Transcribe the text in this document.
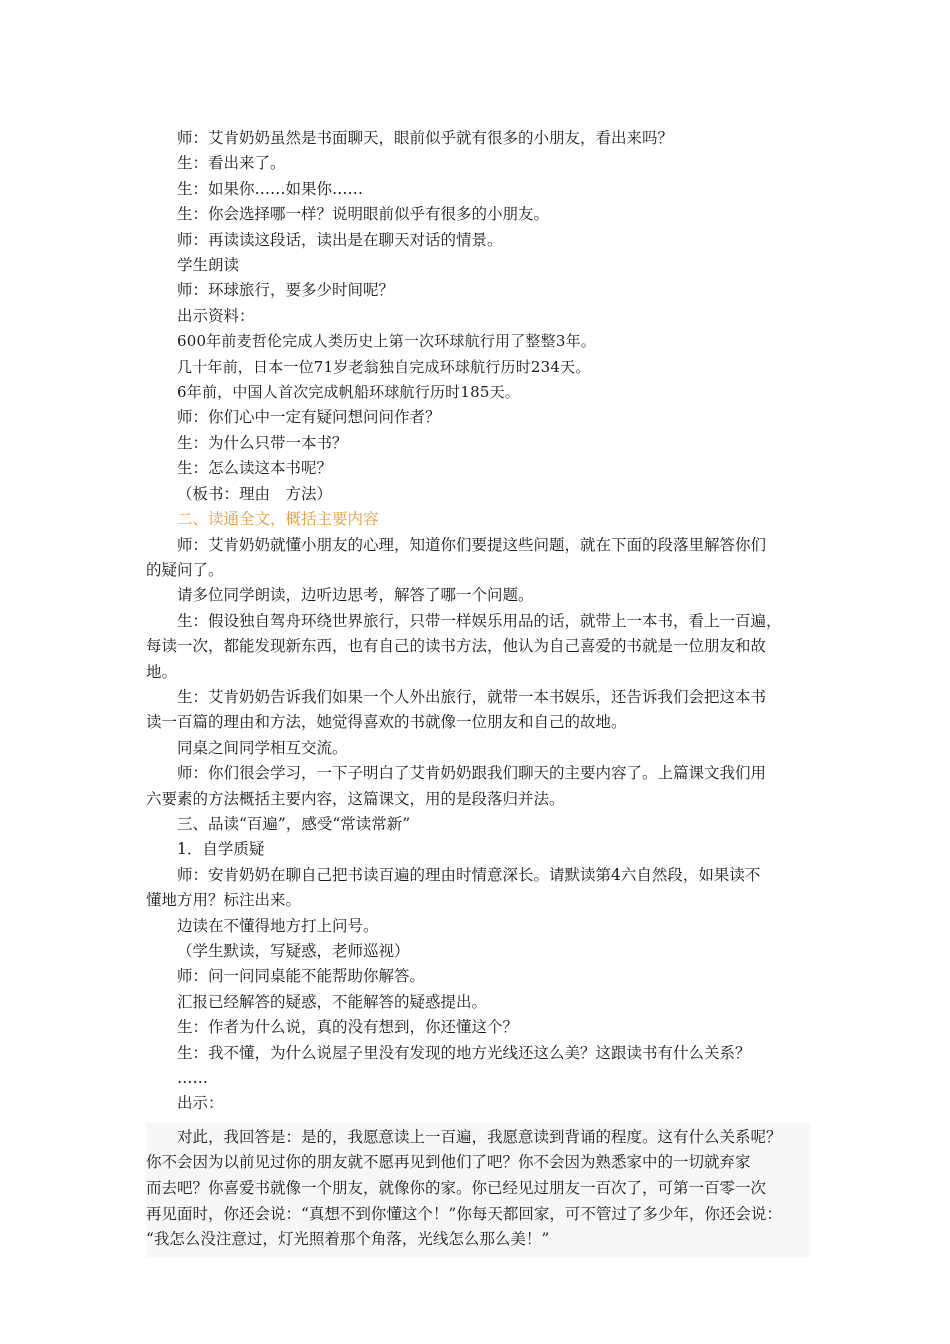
师：艾肯奶奶虽然是书面聊天，眼前似乎就有很多的小朋友，看出来吗？

生：看出来了。

生：如果你……如果你……

生：你会选择哪一样？说明眼前似乎有很多的小朋友。

师：再读读这段话，读出是在聊天对话的情景。

学生朗读

师：环球旅行，要多少时间呢？

出示资料：

600年前麦哲伦完成人类历史上第一次环球航行用了整整3年。

几十年前，日本一位71岁老翁独自完成环球航行历时234天。

6年前，中国人首次完成帆船环球航行历时185天。

师：你们心中一定有疑问想问问作者？

生：为什么只带一本书？

生：怎么读这本书呢？

（板书：理由　方法）

二、读通全文，概括主要内容

师：艾肯奶奶就懂小朋友的心理，知道你们要提这些问题，就在下面的段落里解答你们

的疑问了。

请多位同学朗读，边听边思考，解答了哪一个问题。

生：假设独自驾舟环绕世界旅行，只带一样娱乐用品的话，就带上一本书，看上一百遍，

每读一次，都能发现新东西，也有自己的读书方法，他认为自己喜爱的书就是一位朋友和故

地。

生：艾肯奶奶告诉我们如果一个人外出旅行，就带一本书娱乐，还告诉我们会把这本书

读一百篇的理由和方法，她觉得喜欢的书就像一位朋友和自己的故地。

同桌之间同学相互交流。

师：你们很会学习，一下子明白了艾肯奶奶跟我们聊天的主要内容了。上篇课文我们用

六要素的方法概括主要内容，这篇课文，用的是段落归并法。

三、品读“百遍”，感受“常读常新”

1．自学质疑

师：安肯奶奶在聊自己把书读百遍的理由时情意深长。请默读第4六自然段，如果读不

懂地方用？标注出来。

边读在不懂得地方打上问号。

（学生默读，写疑惑，老师巡视）

师：问一问同桌能不能帮助你解答。

汇报已经解答的疑惑，不能解答的疑惑提出。

生：作者为什么说，真的没有想到，你还懂这个？

生：我不懂，为什么说屋子里没有发现的地方光线还这么美？这跟读书有什么关系？

……

出示：

对此，我回答是：是的，我愿意读上一百遍，我愿意读到背诵的程度。这有什么关系呢？

你不会因为以前见过你的朋友就不愿再见到他们了吧？你不会因为熟悉家中的一切就弃家

而去吧？你喜爱书就像一个朋友，就像你的家。你已经见过朋友一百次了，可第一百零一次

再见面时，你还会说：“真想不到你懂这个！”你每天都回家，可不管过了多少年，你还会说：

“我怎么没注意过，灯光照着那个角落，光线怎么那么美！”
